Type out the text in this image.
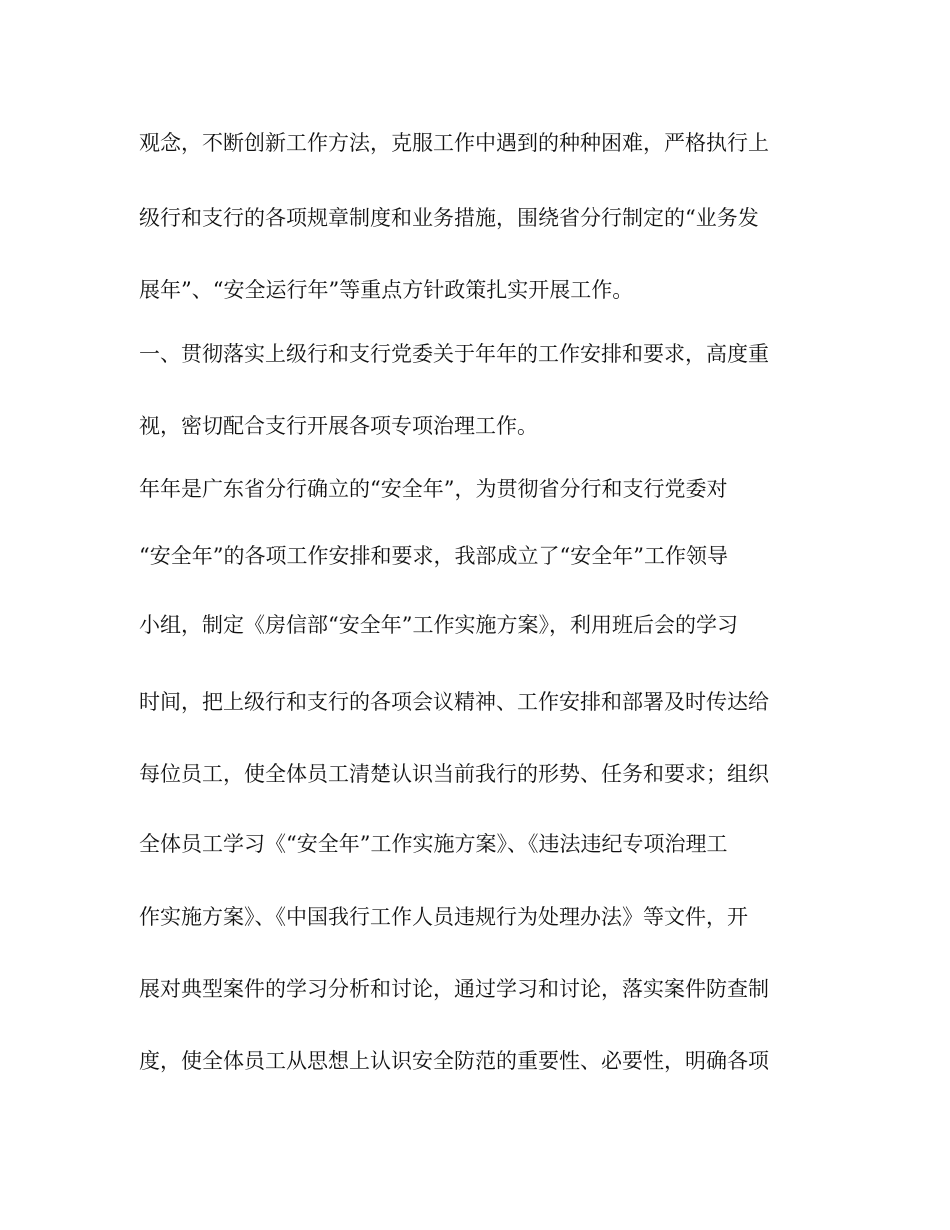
观念，不断创新工作方法，克服工作中遇到的种种困难，严格执行上
级行和支行的各项规章制度和业务措施，围绕省分行制定的“业务发
展年”、“安全运行年”等重点方针政策扎实开展工作。
一、贯彻落实上级行和支行党委关于年年的工作安排和要求，高度重
视，密切配合支行开展各项专项治理工作。
年年是广东省分行确立的“安全年”，为贯彻省分行和支行党委对
“安全年”的各项工作安排和要求，我部成立了“安全年”工作领导
小组，制定《房信部“安全年”工作实施方案》，利用班后会的学习
时间，把上级行和支行的各项会议精神、工作安排和部署及时传达给
每位员工，使全体员工清楚认识当前我行的形势、任务和要求；组织
全体员工学习《“安全年”工作实施方案》、《违法违纪专项治理工
作实施方案》、《中国我行工作人员违规行为处理办法》等文件，开
展对典型案件的学习分析和讨论，通过学习和讨论，落实案件防查制
度，使全体员工从思想上认识安全防范的重要性、必要性，明确各项
